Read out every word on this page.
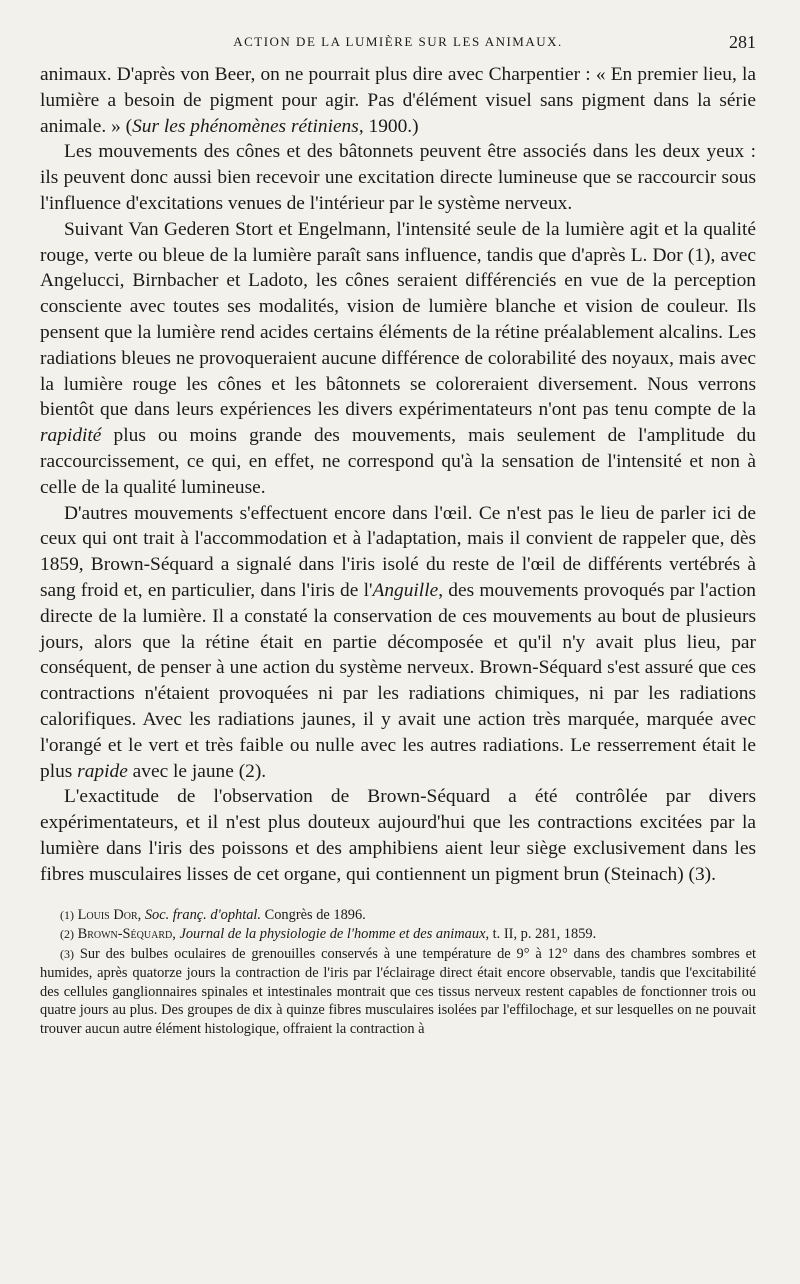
ACTION DE LA LUMIÈRE SUR LES ANIMAUX.	281

animaux. D'après von Beer, on ne pourrait plus dire avec Charpentier : « En premier lieu, la lumière a besoin de pigment pour agir. Pas d'élément visuel sans pigment dans la série animale. » (Sur les phénomènes rétiniens, 1900.)

Les mouvements des cônes et des bâtonnets peuvent être associés dans les deux yeux : ils peuvent donc aussi bien recevoir une excitation directe lumineuse que se raccourcir sous l'influence d'excitations venues de l'intérieur par le système nerveux.

Suivant Van Gederen Stort et Engelmann, l'intensité seule de la lumière agit et la qualité rouge, verte ou bleue de la lumière paraît sans influence, tandis que d'après L. Dor (1), avec Angelucci, Birnbacher et Ladoto, les cônes seraient différenciés en vue de la perception consciente avec toutes ses modalités, vision de lumière blanche et vision de couleur. Ils pensent que la lumière rend acides certains éléments de la rétine préalablement alcalins. Les radiations bleues ne provoqueraient aucune différence de colorabilité des noyaux, mais avec la lumière rouge les cônes et les bâtonnets se coloreraient diversement. Nous verrons bientôt que dans leurs expériences les divers expérimentateurs n'ont pas tenu compte de la rapidité plus ou moins grande des mouvements, mais seulement de l'amplitude du raccourcissement, ce qui, en effet, ne correspond qu'à la sensation de l'intensité et non à celle de la qualité lumineuse.

D'autres mouvements s'effectuent encore dans l'œil. Ce n'est pas le lieu de parler ici de ceux qui ont trait à l'accommodation et à l'adaptation, mais il convient de rappeler que, dès 1859, Brown-Séquard a signalé dans l'iris isolé du reste de l'œil de différents vertébrés à sang froid et, en particulier, dans l'iris de l'Anguille, des mouvements provoqués par l'action directe de la lumière. Il a constaté la conservation de ces mouvements au bout de plusieurs jours, alors que la rétine était en partie décomposée et qu'il n'y avait plus lieu, par conséquent, de penser à une action du système nerveux. Brown-Séquard s'est assuré que ces contractions n'étaient provoquées ni par les radiations chimiques, ni par les radiations calorifiques. Avec les radiations jaunes, il y avait une action très marquée, marquée avec l'orangé et le vert et très faible ou nulle avec les autres radiations. Le resserrement était le plus rapide avec le jaune (2).

L'exactitude de l'observation de Brown-Séquard a été contrôlée par divers expérimentateurs, et il n'est plus douteux aujourd'hui que les contractions excitées par la lumière dans l'iris des poissons et des amphibiens aient leur siège exclusivement dans les fibres musculaires lisses de cet organe, qui contiennent un pigment brun (Steinach) (3).

(1) Louis Dor, Soc. franç. d'ophtal. Congrès de 1896.

(2) Brown-Séquard, Journal de la physiologie de l'homme et des animaux, t. II, p. 281, 1859.

(3) Sur des bulbes oculaires de grenouilles conservés à une température de 9° à 12° dans des chambres sombres et humides, après quatorze jours la contraction de l'iris par l'éclairage direct était encore observable, tandis que l'excitabilité des cellules ganglionnaires spinales et intestinales montrait que ces tissus nerveux restent capables de fonctionner trois ou quatre jours au plus. Des groupes de dix à quinze fibres musculaires isolées par l'effilochage, et sur lesquelles on ne pouvait trouver aucun autre élément histologique, offraient la contraction à
